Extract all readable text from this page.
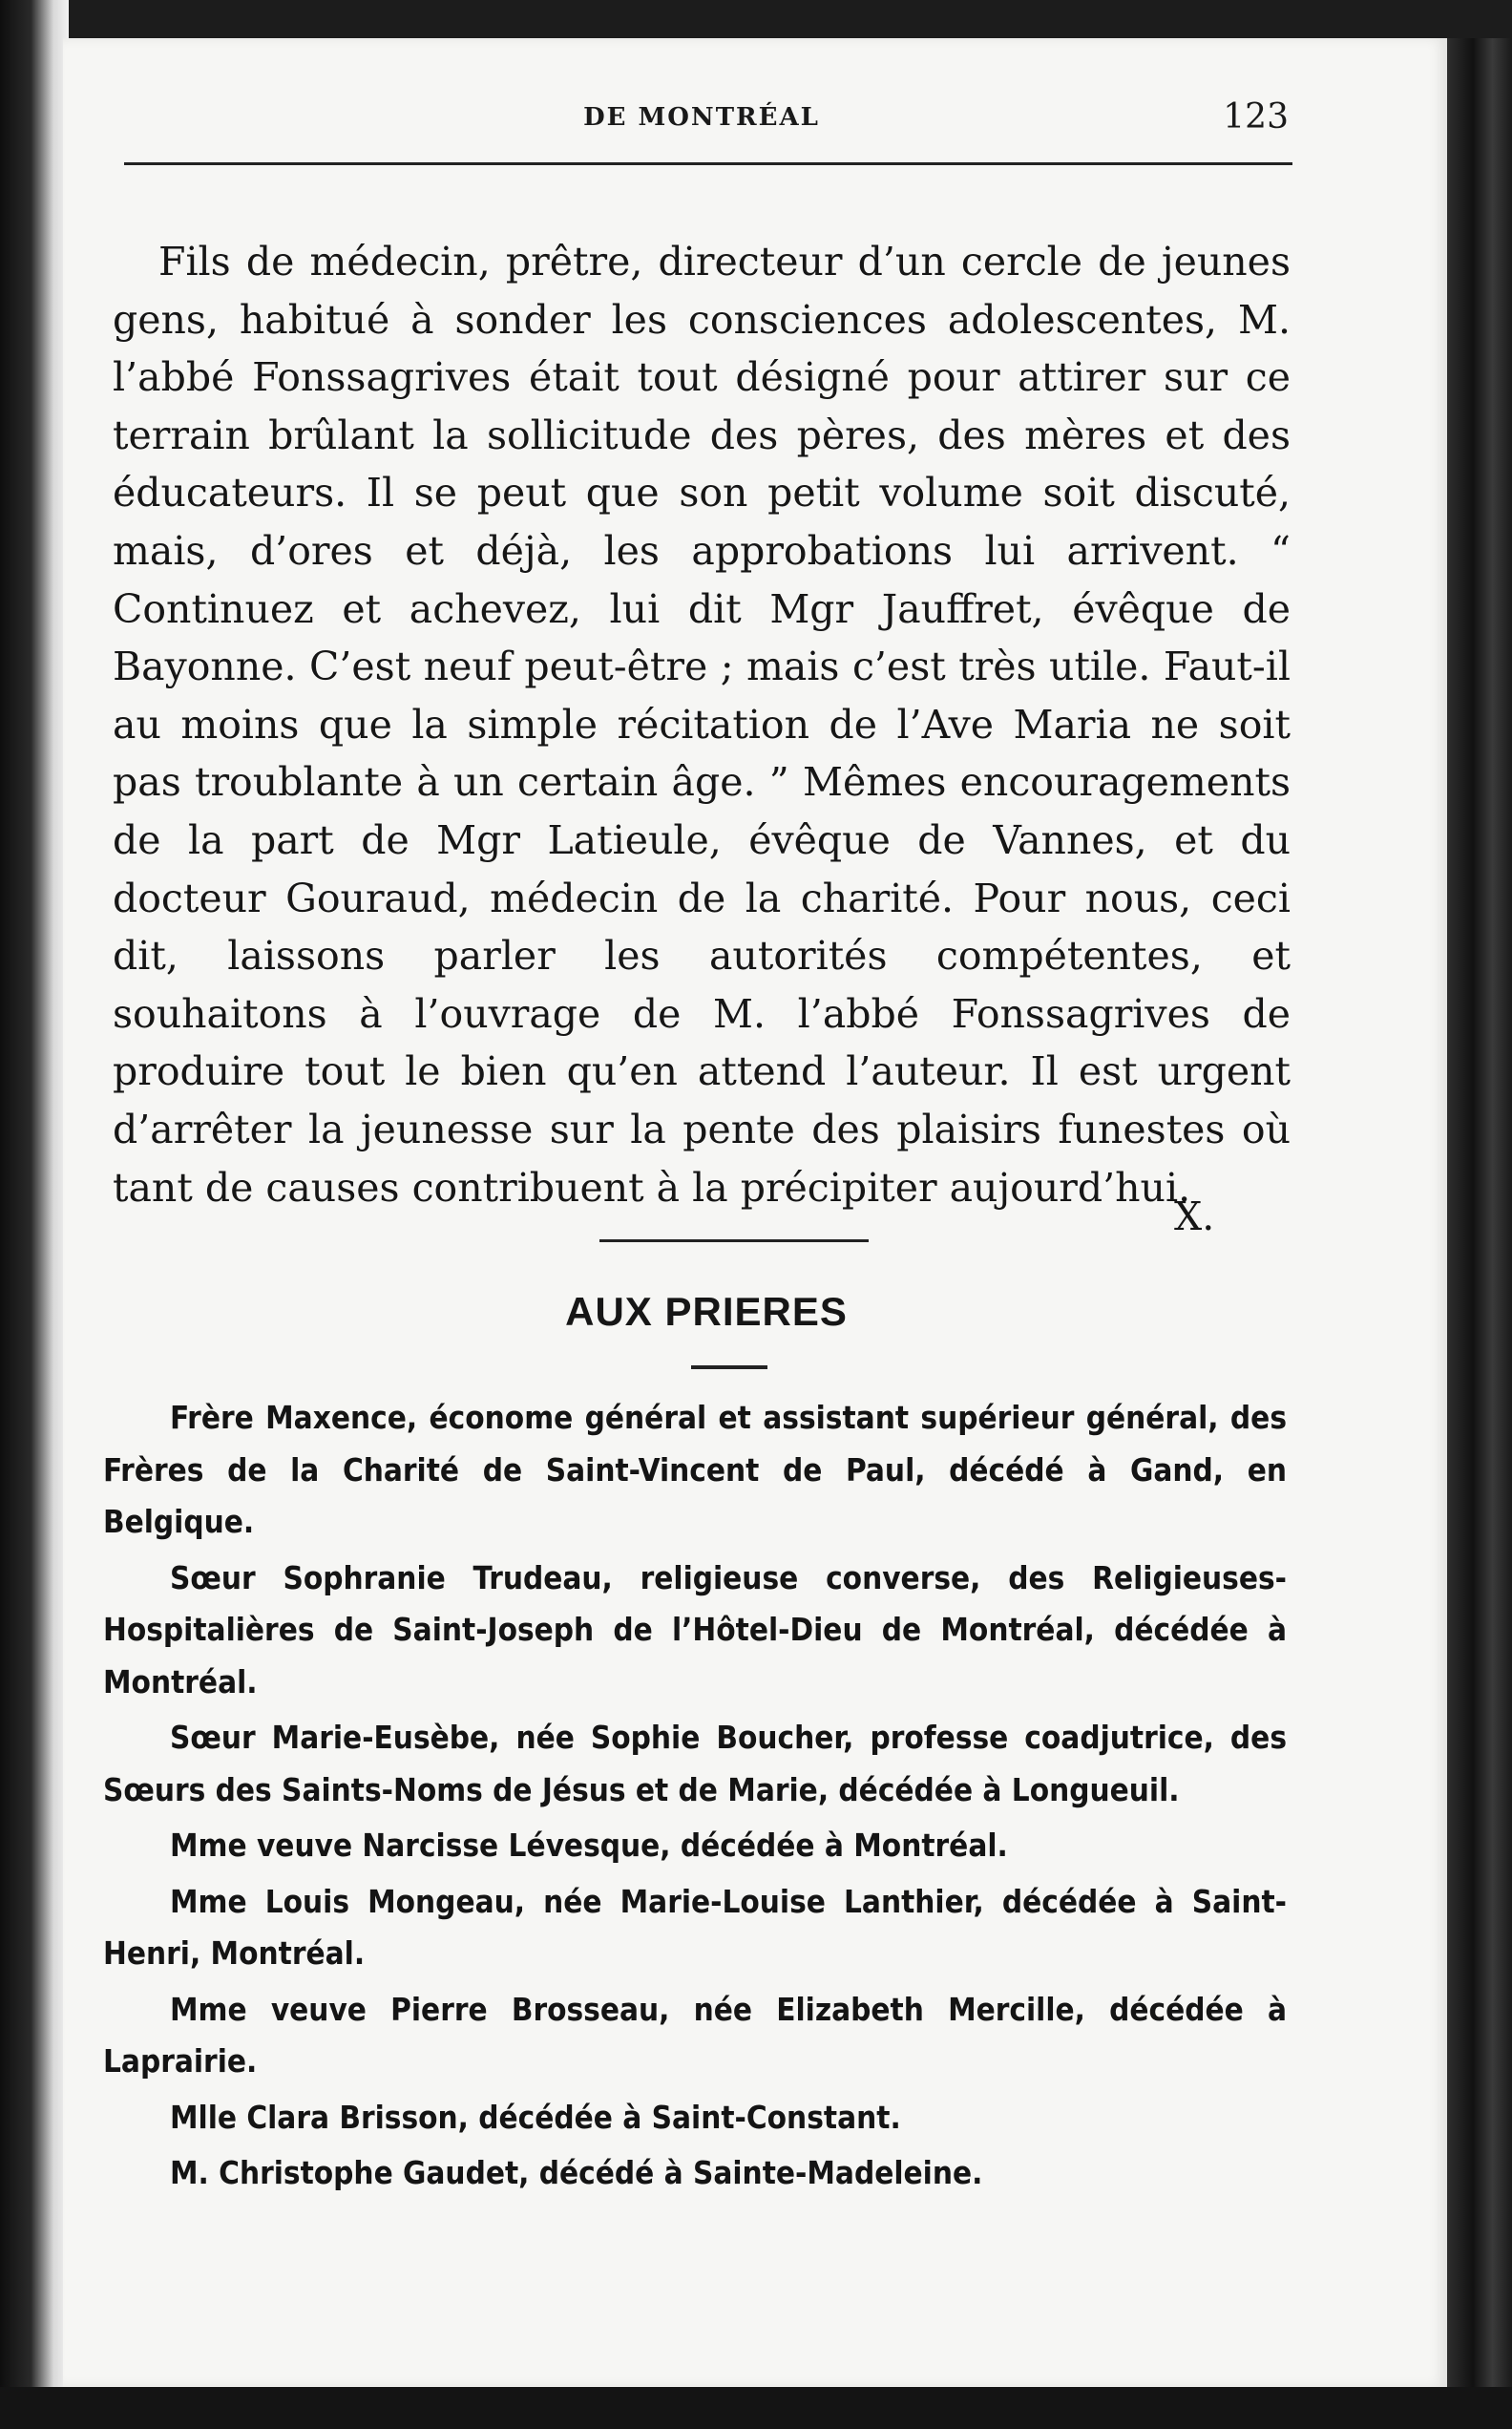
DE MONTRÉAL	123

Fils de médecin, prêtre, directeur d’un cercle de jeunes gens, habitué à sonder les consciences adolescentes, M. l’abbé Fonssagrives était tout désigné pour attirer sur ce terrain brûlant la sollicitude des pères, des mères et des éducateurs. Il se peut que son petit volume soit discuté, mais, d’ores et déjà, les approbations lui arrivent. “ Continuez et achevez, lui dit Mgr Jauffret, évêque de Bayonne. C’est neuf peut-être ; mais c’est très utile. Faut-il au moins que la simple récitation de l’Ave Maria ne soit pas troublante à un certain âge. ” Mêmes encouragements de la part de Mgr Latieule, évêque de Vannes, et du docteur Gouraud, médecin de la charité. Pour nous, ceci dit, laissons parler les autorités compétentes, et souhaitons à l’ouvrage de M. l’abbé Fonssagrives de produire tout le bien qu’en attend l’auteur. Il est urgent d’arrêter la jeunesse sur la pente des plaisirs funestes où tant de causes contribuent à la précipiter aujourd’hui.

X.
AUX PRIERES

Frère Maxence, économe général et assistant supérieur général, des Frères de la Charité de Saint-Vincent de Paul, décédé à Gand, en Belgique.

Sœur Sophranie Trudeau, religieuse converse, des Religieuses-Hospitalières de Saint-Joseph de l’Hôtel-Dieu de Montréal, décédée à Montréal.

Sœur Marie-Eusèbe, née Sophie Boucher, professe coadjutrice, des Sœurs des Saints-Noms de Jésus et de Marie, décédée à Longueuil.

Mme veuve Narcisse Lévesque, décédée à Montréal.

Mme Louis Mongeau, née Marie-Louise Lanthier, décédée à Saint-Henri, Montréal.

Mme veuve Pierre Brosseau, née Elizabeth Mercille, décédée à Laprairie.

Mlle Clara Brisson, décédée à Saint-Constant.

M. Christophe Gaudet, décédé à Sainte-Madeleine.
